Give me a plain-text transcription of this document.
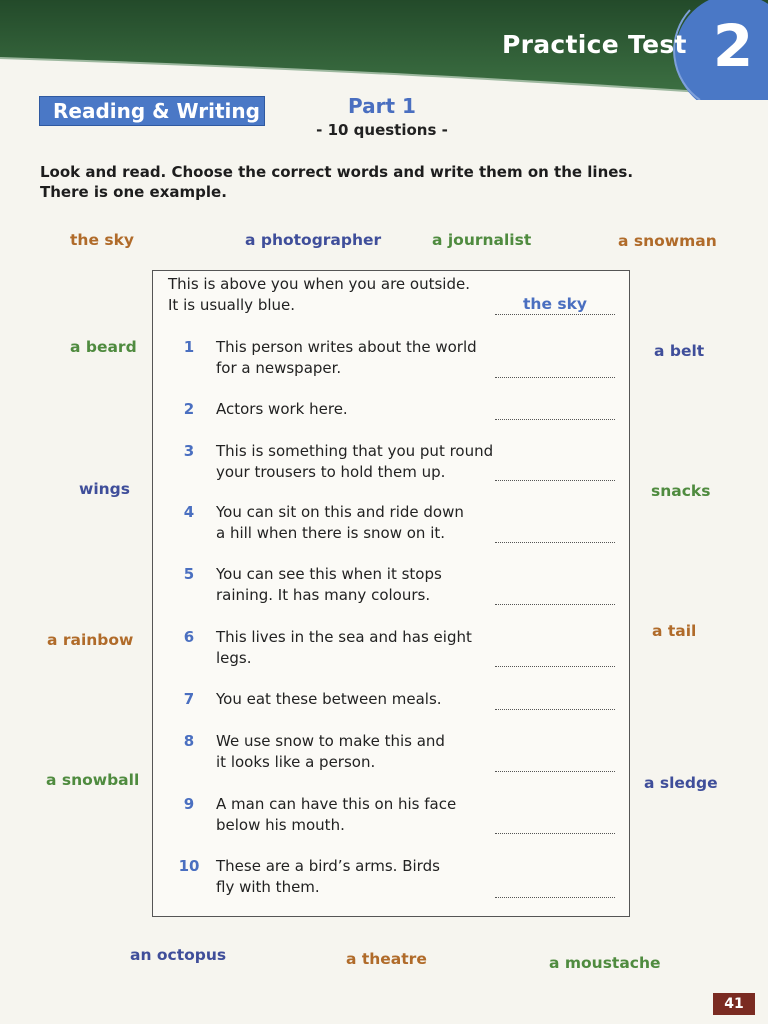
Practice Test 2
Reading & Writing	Part 1
- 10 questions -
Look and read. Choose the correct words and write them on the lines.
There is one example.
the sky	a photographer	a journalist	a snowman
a beard	a belt
wings	snacks
a rainbow	a tail
a snowball	a sledge
an octopus	a theatre	a moustache
This is above you when you are outside.
It is usually blue.	the sky
1	This person writes about the world
for a newspaper.
2	Actors work here.
3	This is something that you put round
your trousers to hold them up.
4	You can sit on this and ride down
a hill when there is snow on it.
5	You can see this when it stops
raining. It has many colours.
6	This lives in the sea and has eight
legs.
7	You eat these between meals.
8	We use snow to make this and
it looks like a person.
9	A man can have this on his face
below his mouth.
10 These are a bird’s arms. Birds
fly with them.
41
